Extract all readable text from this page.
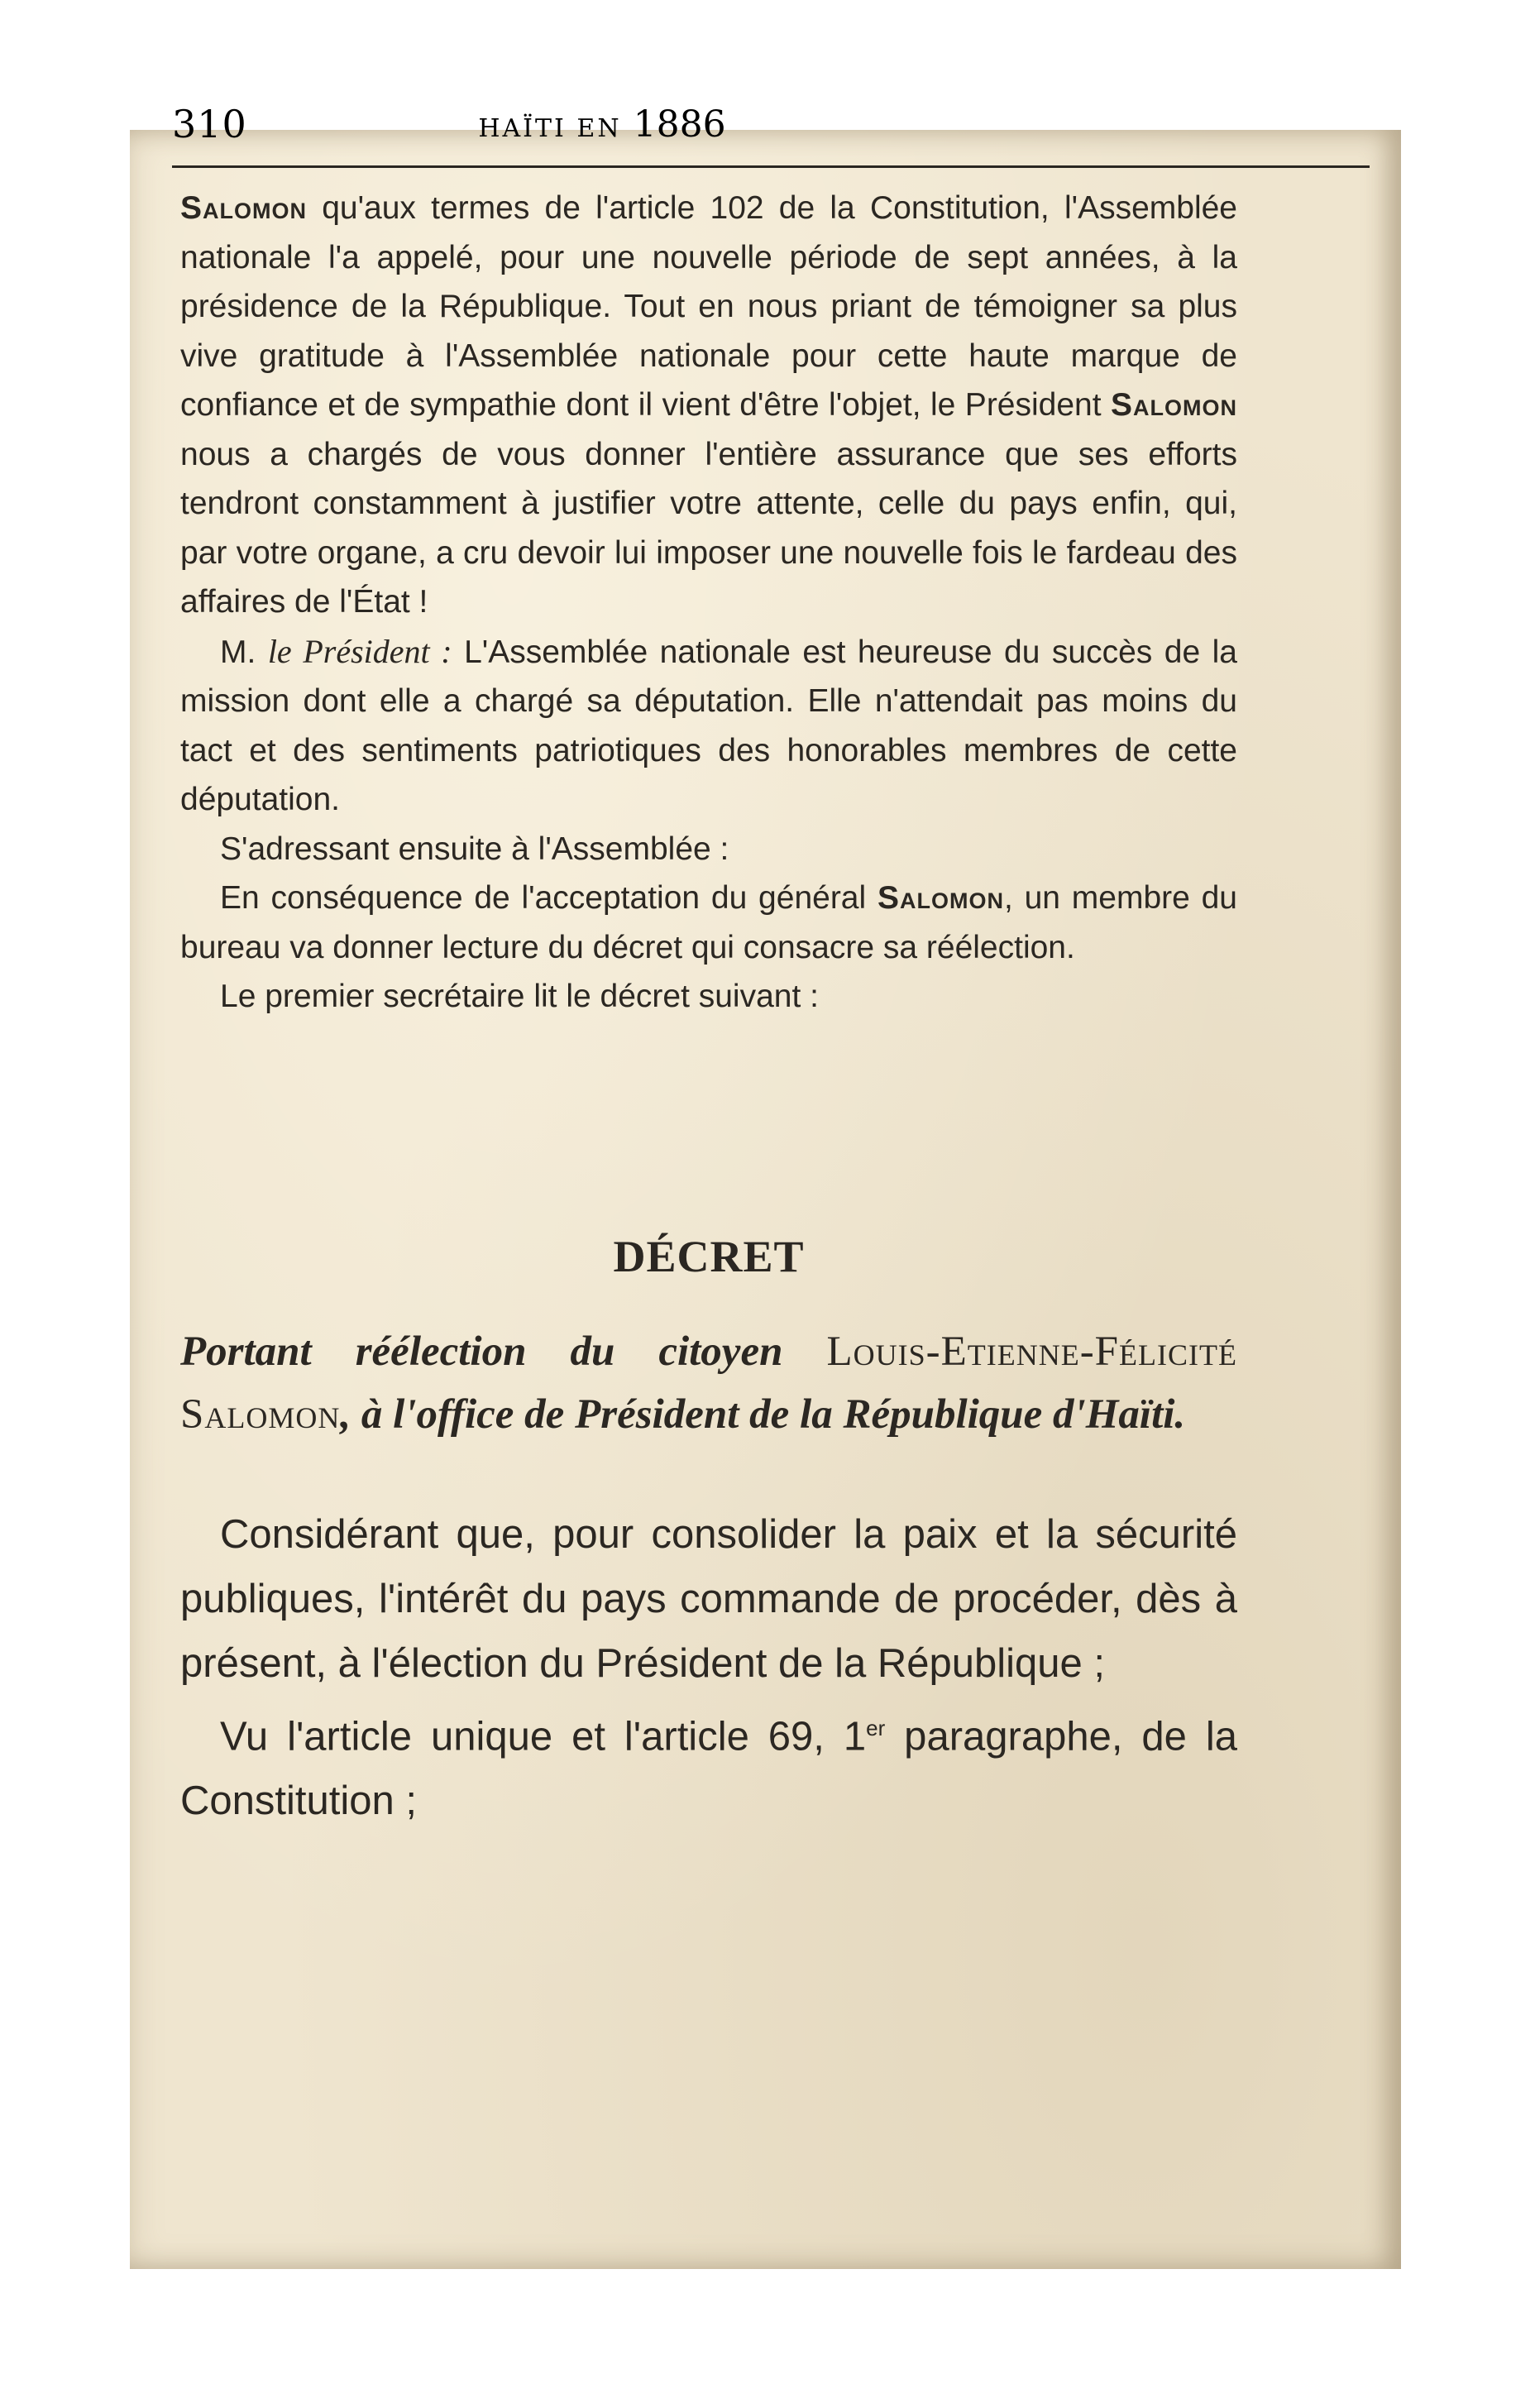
310	HAÏTI EN 1886

Salomon qu'aux termes de l'article 102 de la Constitution, l'Assemblée nationale l'a appelé, pour une nouvelle période de sept années, à la présidence de la République. Tout en nous priant de témoigner sa plus vive gratitude à l'Assemblée nationale pour cette haute marque de confiance et de sympathie dont il vient d'être l'objet, le Président Salomon nous a chargés de vous donner l'entière assurance que ses efforts tendront constamment à justifier votre attente, celle du pays enfin, qui, par votre organe, a cru devoir lui imposer une nouvelle fois le fardeau des affaires de l'État !

M. le Président : L'Assemblée nationale est heureuse du succès de la mission dont elle a chargé sa députation. Elle n'attendait pas moins du tact et des sentiments patriotiques des honorables membres de cette députation.

S'adressant ensuite à l'Assemblée :

En conséquence de l'acceptation du général Salomon, un membre du bureau va donner lecture du décret qui consacre sa réélection.

Le premier secrétaire lit le décret suivant :

DÉCRET
Portant réélection du citoyen Louis-Etienne-Félicité Salomon, à l'office de Président de la République d'Haïti.

Considérant que, pour consolider la paix et la sécurité publiques, l'intérêt du pays commande de procéder, dès à présent, à l'élection du Président de la République ;

Vu l'article unique et l'article 69, 1er paragraphe, de la Constitution ;
